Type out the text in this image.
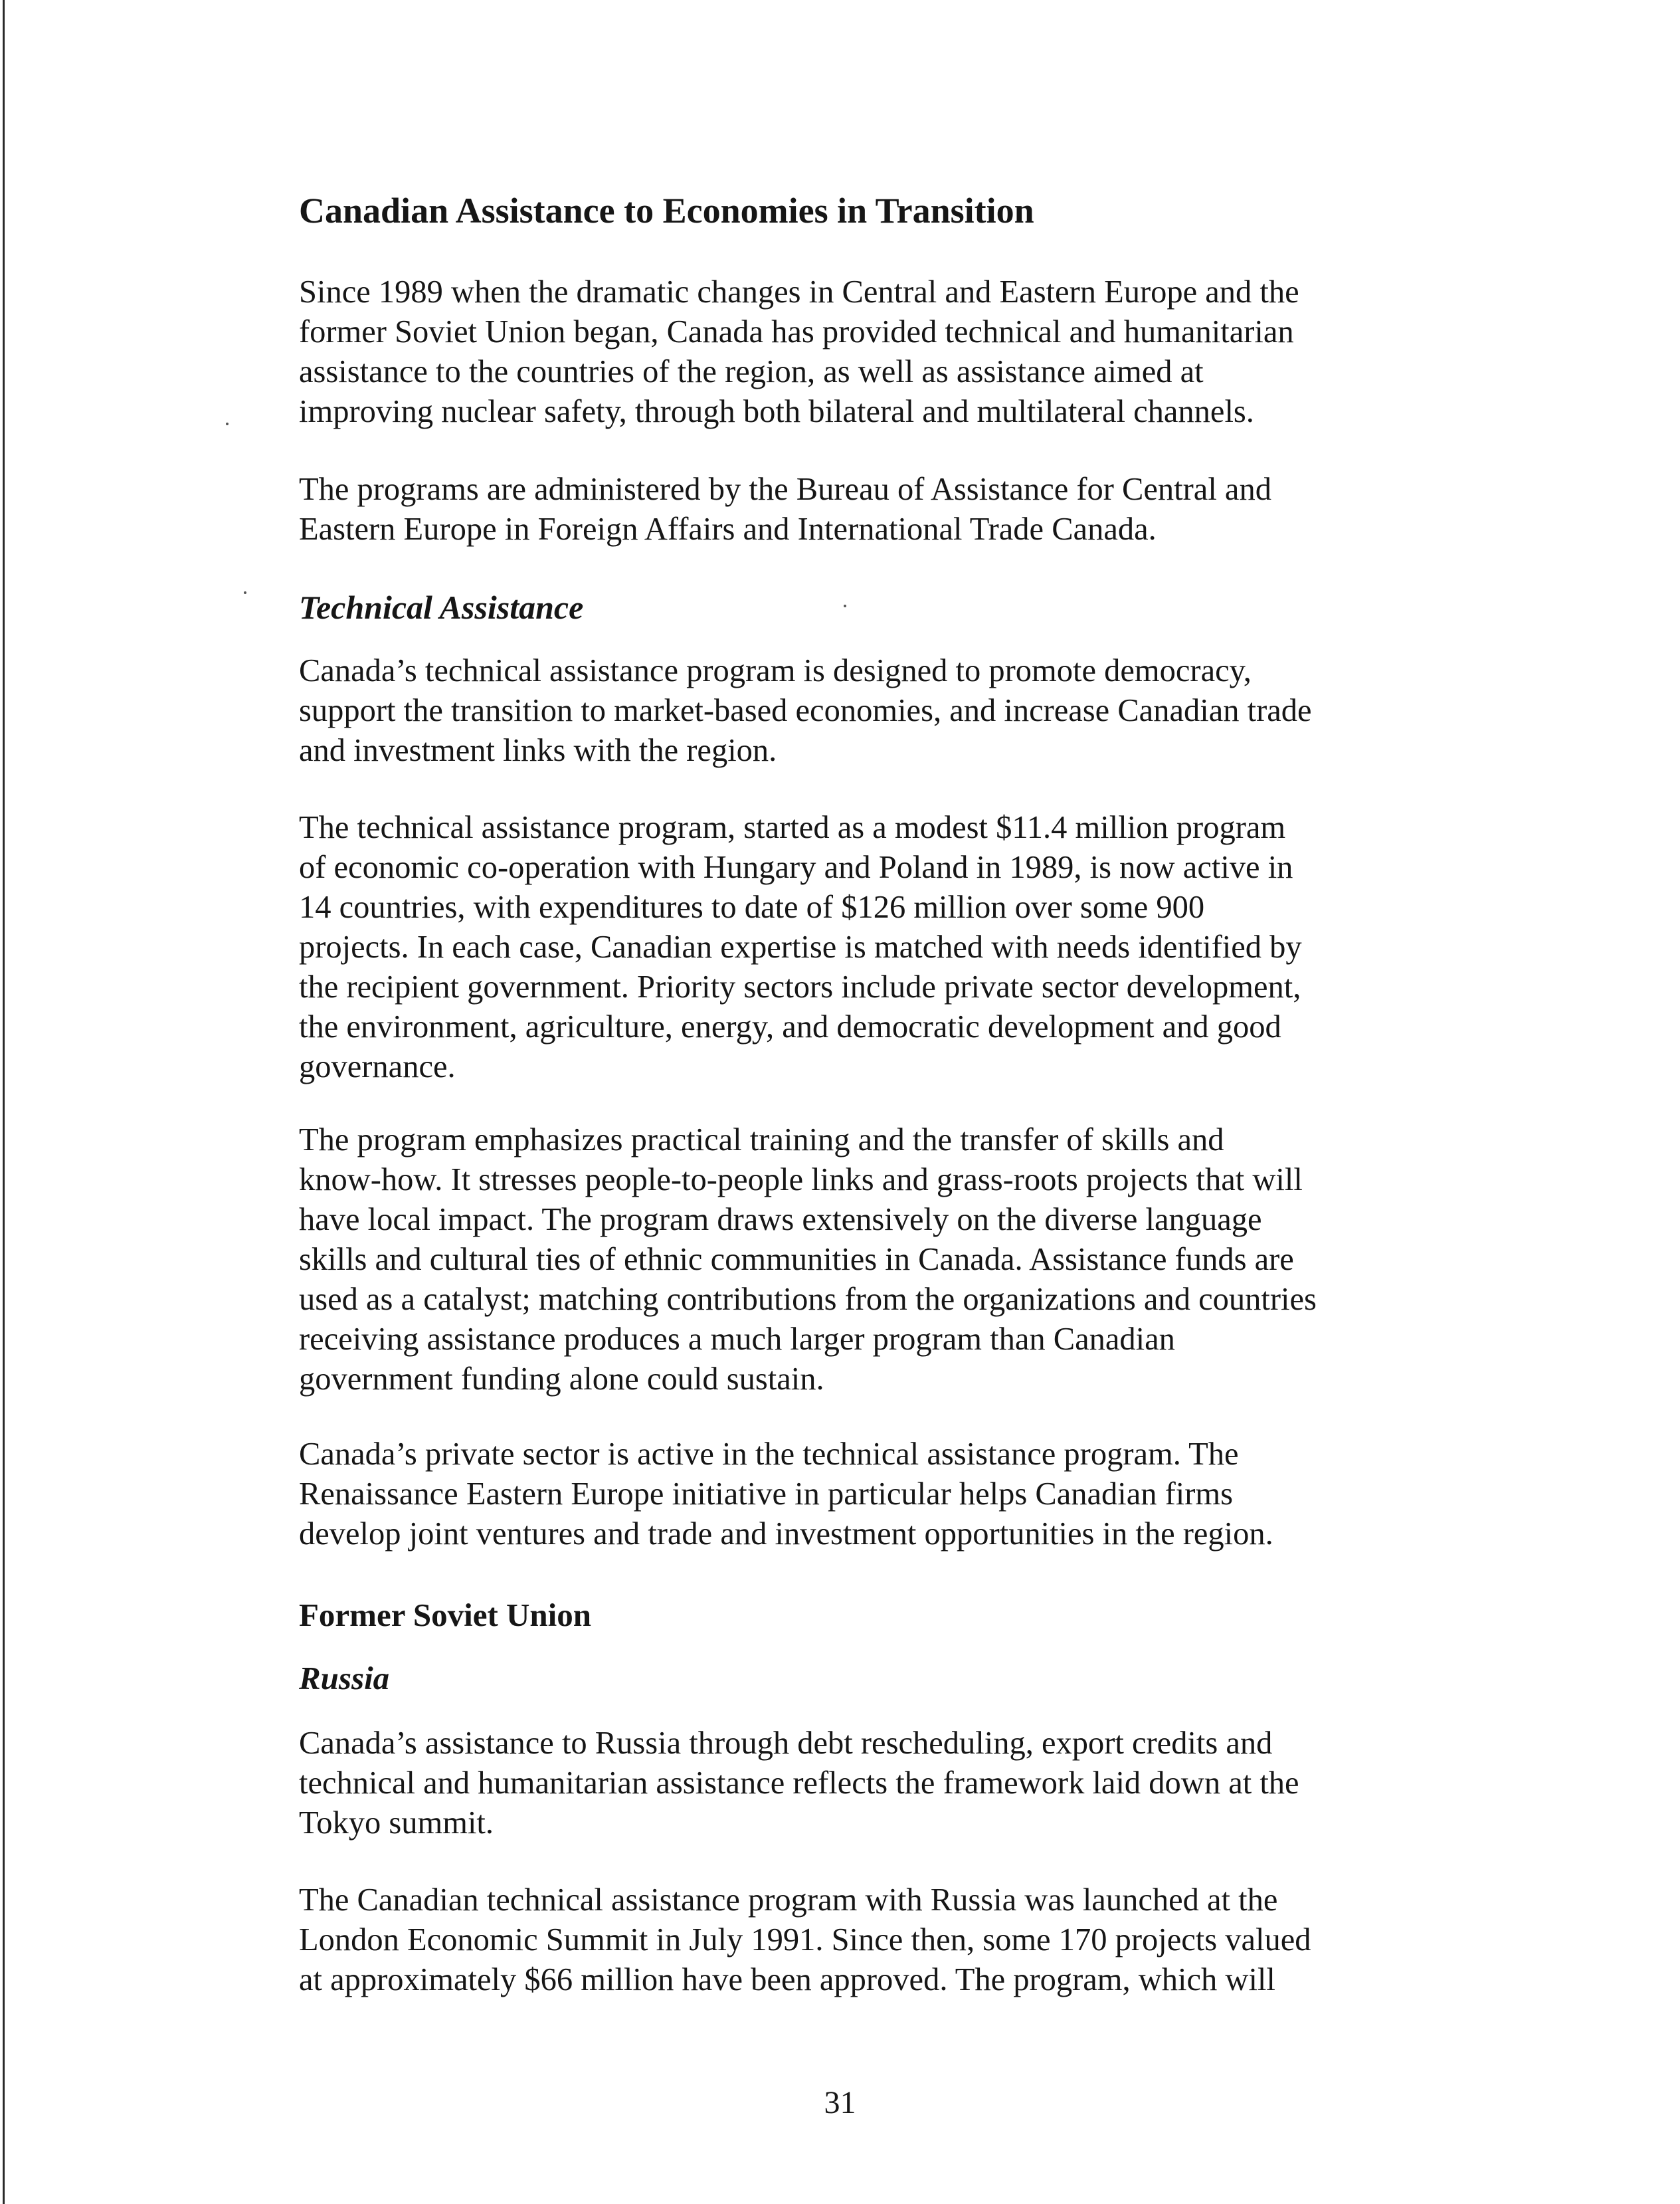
Canadian Assistance to Economies in Transition

Since 1989 when the dramatic changes in Central and Eastern Europe and the
former Soviet Union began, Canada has provided technical and humanitarian
assistance to the countries of the region, as well as assistance aimed at
improving nuclear safety, through both bilateral and multilateral channels.

The programs are administered by the Bureau of Assistance for Central and
Eastern Europe in Foreign Affairs and International Trade Canada.

Technical Assistance

Canada’s technical assistance program is designed to promote democracy,
support the transition to market-based economies, and increase Canadian trade
and investment links with the region.

The technical assistance program, started as a modest $11.4 million program
of economic co-operation with Hungary and Poland in 1989, is now active in
14 countries, with expenditures to date of $126 million over some 900
projects. In each case, Canadian expertise is matched with needs identified by
the recipient government. Priority sectors include private sector development,
the environment, agriculture, energy, and democratic development and good
governance.

The program emphasizes practical training and the transfer of skills and
know-how. It stresses people-to-people links and grass-roots projects that will
have local impact. The program draws extensively on the diverse language
skills and cultural ties of ethnic communities in Canada. Assistance funds are
used as a catalyst; matching contributions from the organizations and countries
receiving assistance produces a much larger program than Canadian
government funding alone could sustain.

Canada’s private sector is active in the technical assistance program. The
Renaissance Eastern Europe initiative in particular helps Canadian firms
develop joint ventures and trade and investment opportunities in the region.

Former Soviet Union
Russia

Canada’s assistance to Russia through debt rescheduling, export credits and
technical and humanitarian assistance reflects the framework laid down at the
Tokyo summit.

The Canadian technical assistance program with Russia was launched at the
London Economic Summit in July 1991. Since then, some 170 projects valued
at approximately $66 million have been approved. The program, which will

31
